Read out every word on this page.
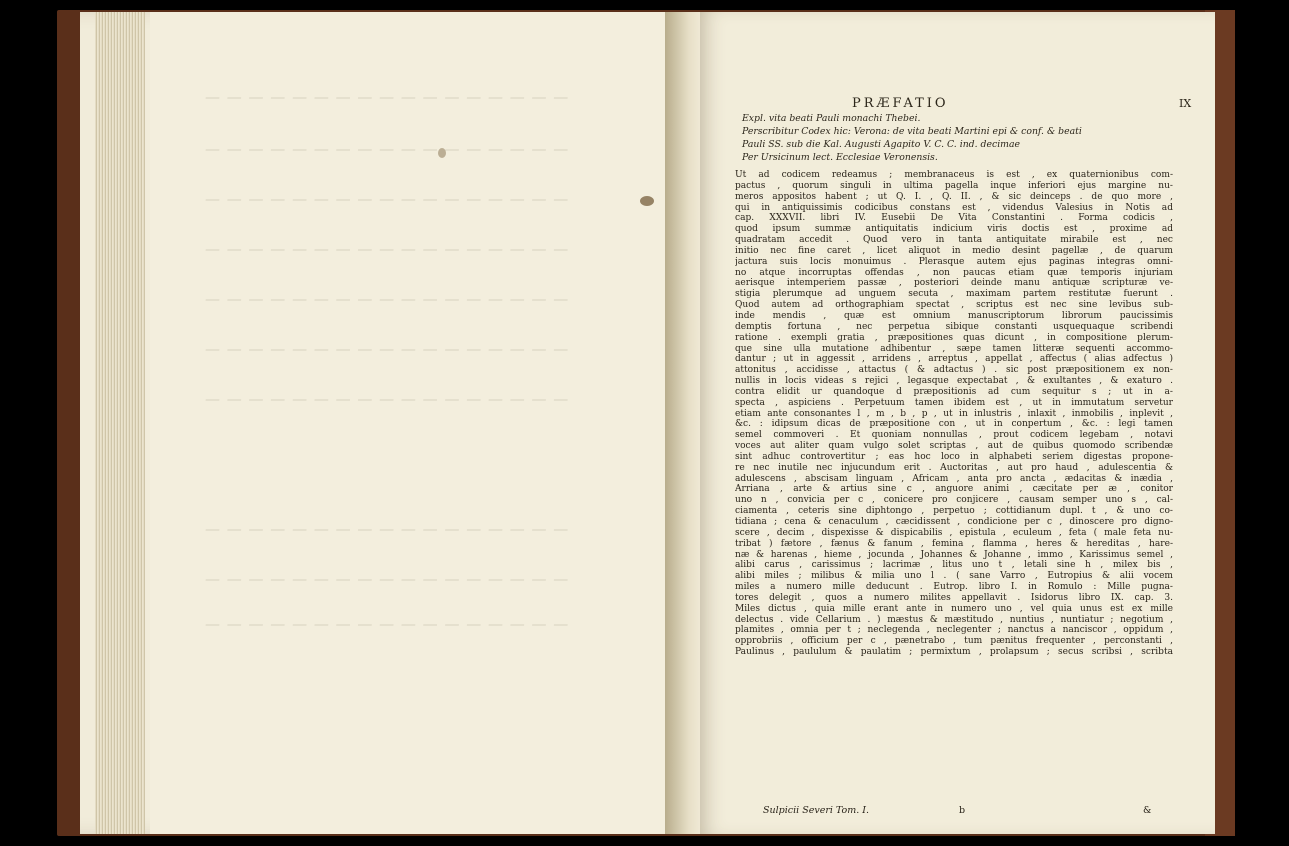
— — — — — — — — — — — — — — — — —
— — — — — — — — — — — — — — — — —
— — — — — — — — — — — — — — — — —
— — — — — — — — — — — — — — — — —
— — — — — — — — — — — — — — — — —
— — — — — — — — — — — — — — — — —
— — — — — — — — — — — — — — — — —
— — — — — — — — — — — — — — — — —
— — — — — — — — — — — — — — — — —
— — — — — — — — — — — — — — — — —
PRÆFATIO	IX
Expl. vita beati Pauli monachi Thebei.
Perscribitur Codex hic: Verona: de vita beati Martini epi & conf. & beati
Pauli SS. sub die Kal. Augusti Agapito V. C. C. ind. decimae
Per Ursicinum lect. Ecclesiae Veronensis.
Ut ad codicem redeamus ; membranaceus is est , ex quaternionibus com-
pactus , quorum singuli in ultima pagella inque inferiori ejus margine nu-
meros appositos habent ; ut Q. I. , Q. II. , & sic deinceps . de quo more ,
qui in antiquissimis codicibus constans est , videndus Valesius in Notis ad
cap. XXXVII. libri IV. Eusebii De Vita Constantini . Forma codicis ,
quod ipsum summæ antiquitatis indicium viris doctis est , proxime ad
quadratam accedit . Quod vero in tanta antiquitate mirabile est , nec
initio nec fine caret , licet aliquot in medio desint pagellæ , de quarum
jactura suis locis monuimus . Plerasque autem ejus paginas integras omni-
no atque incorruptas offendas , non paucas etiam quæ temporis injuriam
aerisque intemperiem passæ , posteriori deinde manu antiquæ scripturæ ve-
stigia plerumque ad unguem secuta , maximam partem restitutæ fuerunt .
Quod autem ad orthographiam spectat , scriptus est nec sine levibus sub-
inde mendis , quæ est omnium manuscriptorum librorum paucissimis
demptis fortuna , nec perpetua sibique constanti usquequaque scribendi
ratione . exempli gratia , præpositiones quas dicunt , in compositione plerum-
que sine ulla mutatione adhibentur , sæpe tamen litteræ sequenti accommo-
dantur ; ut in aggessit , arridens , arreptus , appellat , affectus ( alias adfectus )
attonitus , accidisse , attactus ( & adtactus ) . sic post præpositionem ex non-
nullis in locis videas s rejici , legasque expectabat , & exultantes , & exaturo .
contra elidit ur quandoque d præpositionis ad cum sequitur s ; ut in a-
specta , aspiciens . Perpetuum tamen ibidem est , ut in immutatum servetur
etiam ante consonantes l , m , b , p , ut in inlustris , inlaxit , inmobilis , inplevit ,
&c. : idipsum dicas de præpositione con , ut in conpertum , &c. : legi tamen
semel commoveri . Et quoniam nonnullas , prout codicem legebam , notavi
voces aut aliter quam vulgo solet scriptas , aut de quibus quomodo scribendæ
sint adhuc controvertitur ; eas hoc loco in alphabeti seriem digestas propone-
re nec inutile nec injucundum erit . Auctoritas , aut pro haud , adulescentia &
adulescens , abscisam linguam , Africam , anta pro ancta , ædacitas & inædia ,
Arriana , arte & artius sine c , anguore animi , cæcitate per æ , conitor
uno n , convicia per c , conicere pro conjicere , causam semper uno s , cal-
ciamenta , ceteris sine diphtongo , perpetuo ; cottidianum dupl. t , & uno co-
tidiana ; cena & cenaculum , cæcidissent , condicione per c , dinoscere pro digno-
scere , decim , dispexisse & dispicabilis , epistula , eculeum , feta ( male feta nu-
tribat ) fætore , fænus & fanum , femina , flamma , heres & hereditas , hare-
næ & harenas , hieme , jocunda , Johannes & Johanne , immo , Karissimus semel ,
alibi carus , carissimus ; lacrimæ , litus uno t , letali sine h , milex bis ,
alibi miles ; milibus & milia uno l . ( sane Varro , Eutropius & alii vocem
miles a numero mille deducunt . Eutrop. libro I. in Romulo : Mille pugna-
tores delegit , quos a numero milites appellavit . Isidorus libro IX. cap. 3.
Miles dictus , quia mille erant ante in numero uno , vel quia unus est ex mille
delectus . vide Cellarium . ) mæstus & mæstitudo , nuntius , nuntiatur ; negotium ,
plamites , omnia per t ; neclegenda , neclegenter ; nanctus a nanciscor , oppidum ,
opprobriis , officium per c , pænetrabo , tum pænitus frequenter , perconstanti ,
Paulinus , paululum & paulatim ; permixtum , prolapsum ; secus scribsi , scribta
Sulpicii Severi Tom. I.	b	&
